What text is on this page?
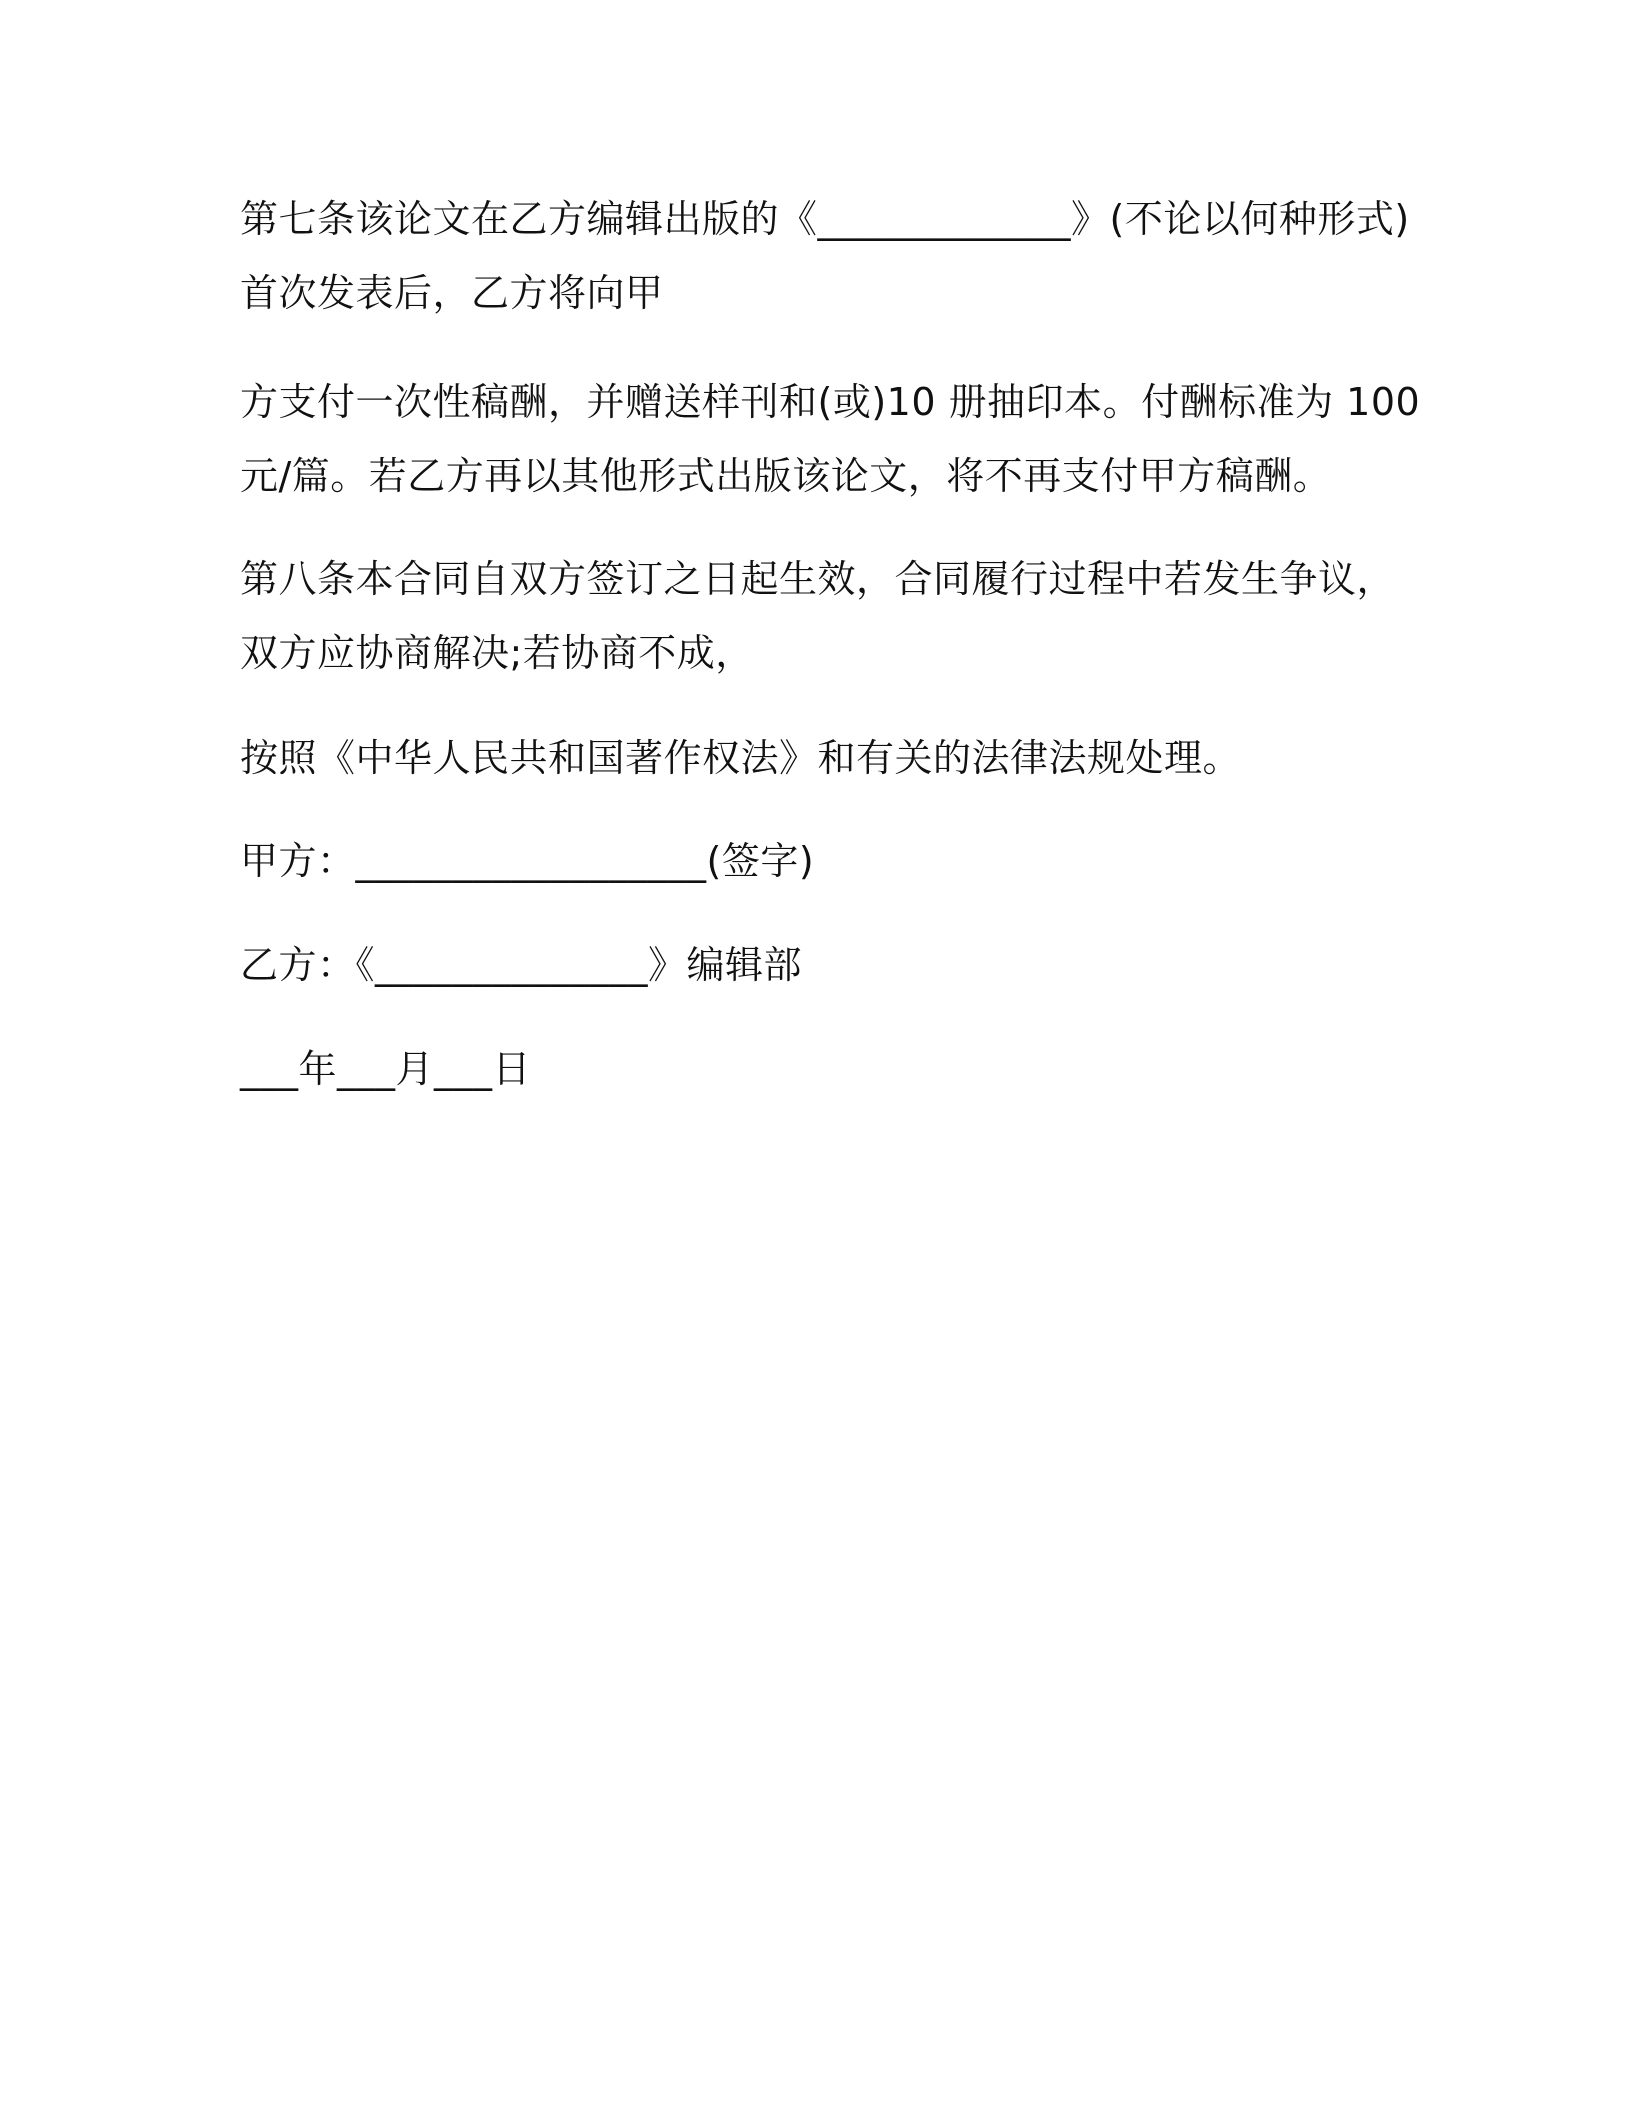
第七条该论文在乙方编辑出版的《_____________》(不论以何种形式)

首次发表后，乙方将向甲

方支付一次性稿酬，并赠送样刊和(或)10 册抽印本。付酬标准为 100

元/篇。若乙方再以其他形式出版该论文，将不再支付甲方稿酬。

第八条本合同自双方签订之日起生效，合同履行过程中若发生争议，

双方应协商解决;若协商不成，

按照《中华人民共和国著作权法》和有关的法律法规处理。

甲方：__________________(签字)

乙方：《______________》编辑部

___年___月___日
